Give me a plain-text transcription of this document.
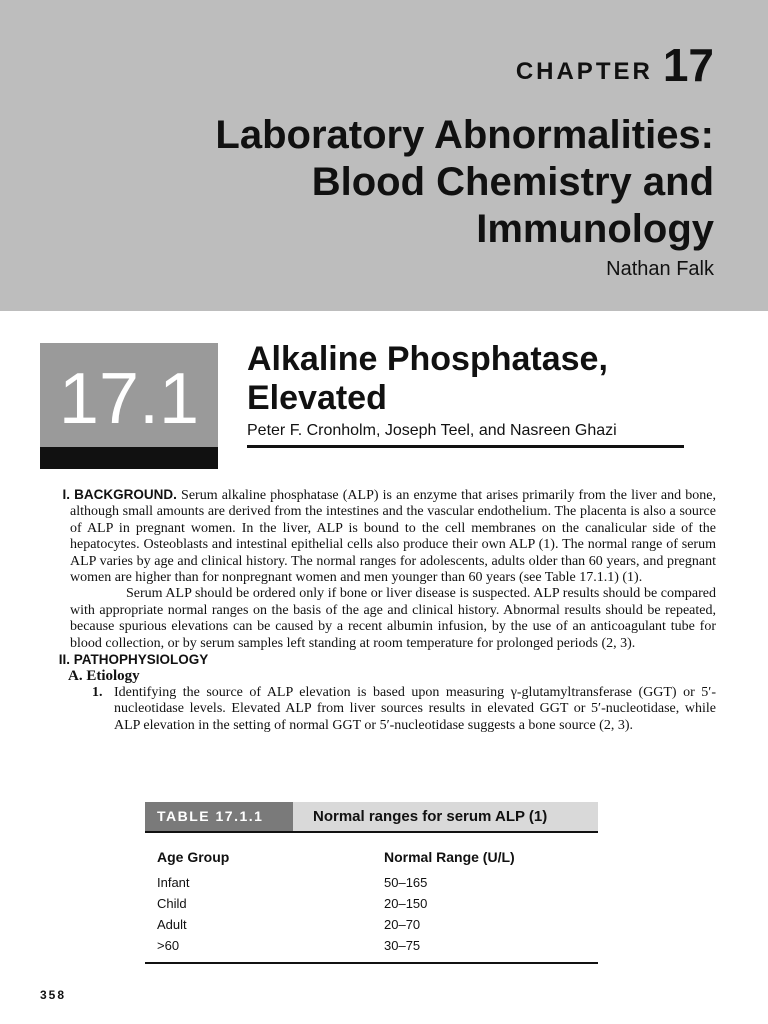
CHAPTER 17
Laboratory Abnormalities:
Blood Chemistry and
Immunology
Nathan Falk
17.1	Alkaline Phosphatase,
Elevated
Peter F. Cronholm, Joseph Teel, and Nasreen Ghazi

I. BACKGROUND. Serum alkaline phosphatase (ALP) is an enzyme that arises primarily from the liver and bone, although small amounts are derived from the intestines and the vascular endothelium. The placenta is also a source of ALP in pregnant women. In the liver, ALP is bound to the cell membranes on the canalicular side of the hepatocytes. Osteoblasts and intestinal epithelial cells also produce their own ALP (1). The normal range of serum ALP varies by age and clinical history. The normal ranges for adolescents, adults older than 60 years, and pregnant women are higher than for nonpregnant women and men younger than 60 years (see Table 17.1.1) (1).

Serum ALP should be ordered only if bone or liver disease is suspected. ALP results should be compared with appropriate normal ranges on the basis of the age and clinical history. Abnormal results should be repeated, because spurious elevations can be caused by a recent albumin infusion, by the use of an anticoagulant tube for blood collection, or by serum samples left standing at room temperature for prolonged periods (2, 3).

II. PATHOPHYSIOLOGY
A. Etiology

1. Identifying the source of ALP elevation is based upon measuring γ-glutamyltransferase (GGT) or 5′-nucleotidase levels. Elevated ALP from liver sources results in elevated GGT or 5′-nucleotidase, while ALP elevation in the setting of normal GGT or 5′-nucleotidase suggests a bone source (2, 3).

TABLE 17.1.1	Normal ranges for serum ALP (1)
Age Group	Normal Range (U/L)
Infant	50–165
Child	20–150
Adult	20–70
>60	30–75
358
